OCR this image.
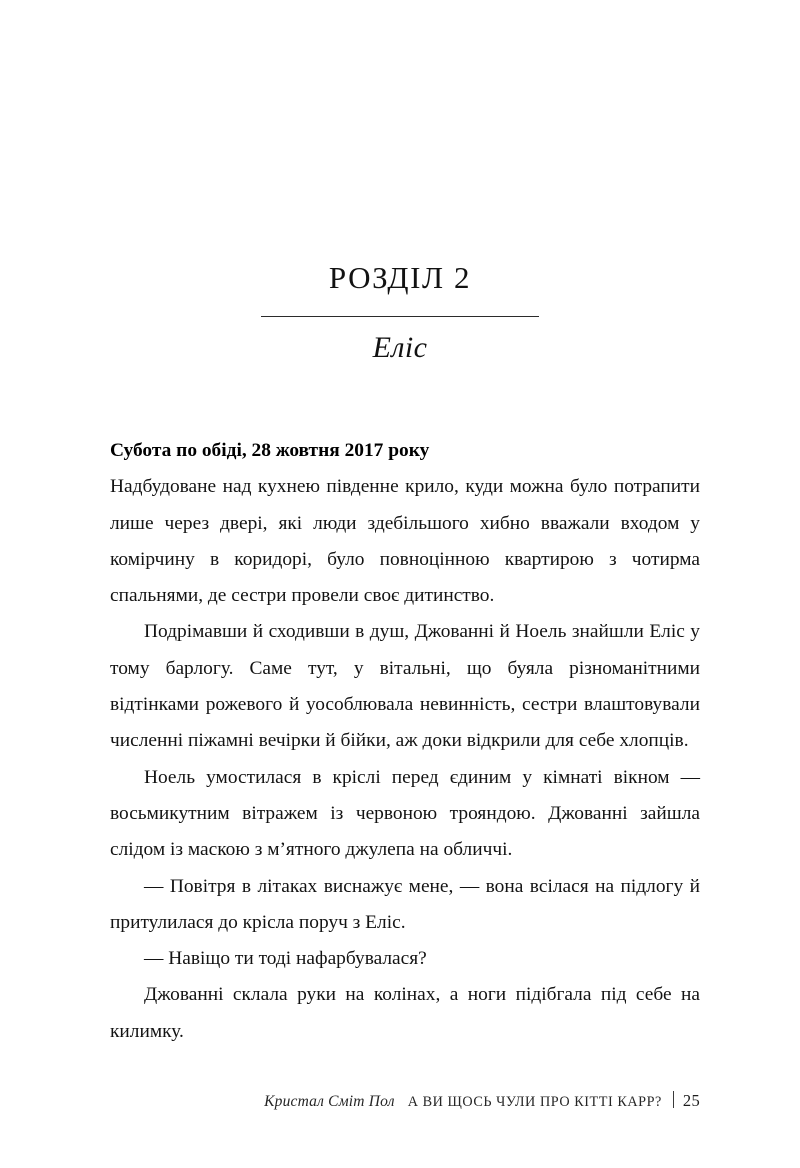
РОЗДІЛ 2
Еліс

Субота по обіді, 28 жовтня 2017 року

Надбудоване над кухнею південне крило, куди можна було потрапити лише через двері, які люди здебільшого хибно вважали входом у комірчину в коридорі, було повноцінною квартирою з чотирма спальнями, де сестри провели своє дитинство.

Подрімавши й сходивши в душ, Джованні й Ноель знайшли Еліс у тому барлогу. Саме тут, у вітальні, що буяла різноманітними відтінками рожевого й уособлювала невинність, сестри влаштовували численні піжамні вечірки й бійки, аж доки відкрили для себе хлопців.

Ноель умостилася в кріслі перед єдиним у кімнаті вікном — восьмикутним вітражем із червоною трояндою. Джованні зайшла слідом із маскою з м’ятного джулепа на обличчі.

— Повітря в літаках виснажує мене, — вона всілася на підлогу й притулилася до крісла поруч з Еліс.

— Навіщо ти тоді нафарбувалася?

Джованні склала руки на колінах, а ноги підібгала під себе на килимку.

Кристал Сміт Пол А ВИ ЩОСЬ ЧУЛИ ПРО КІТТІ КАРР? 25
